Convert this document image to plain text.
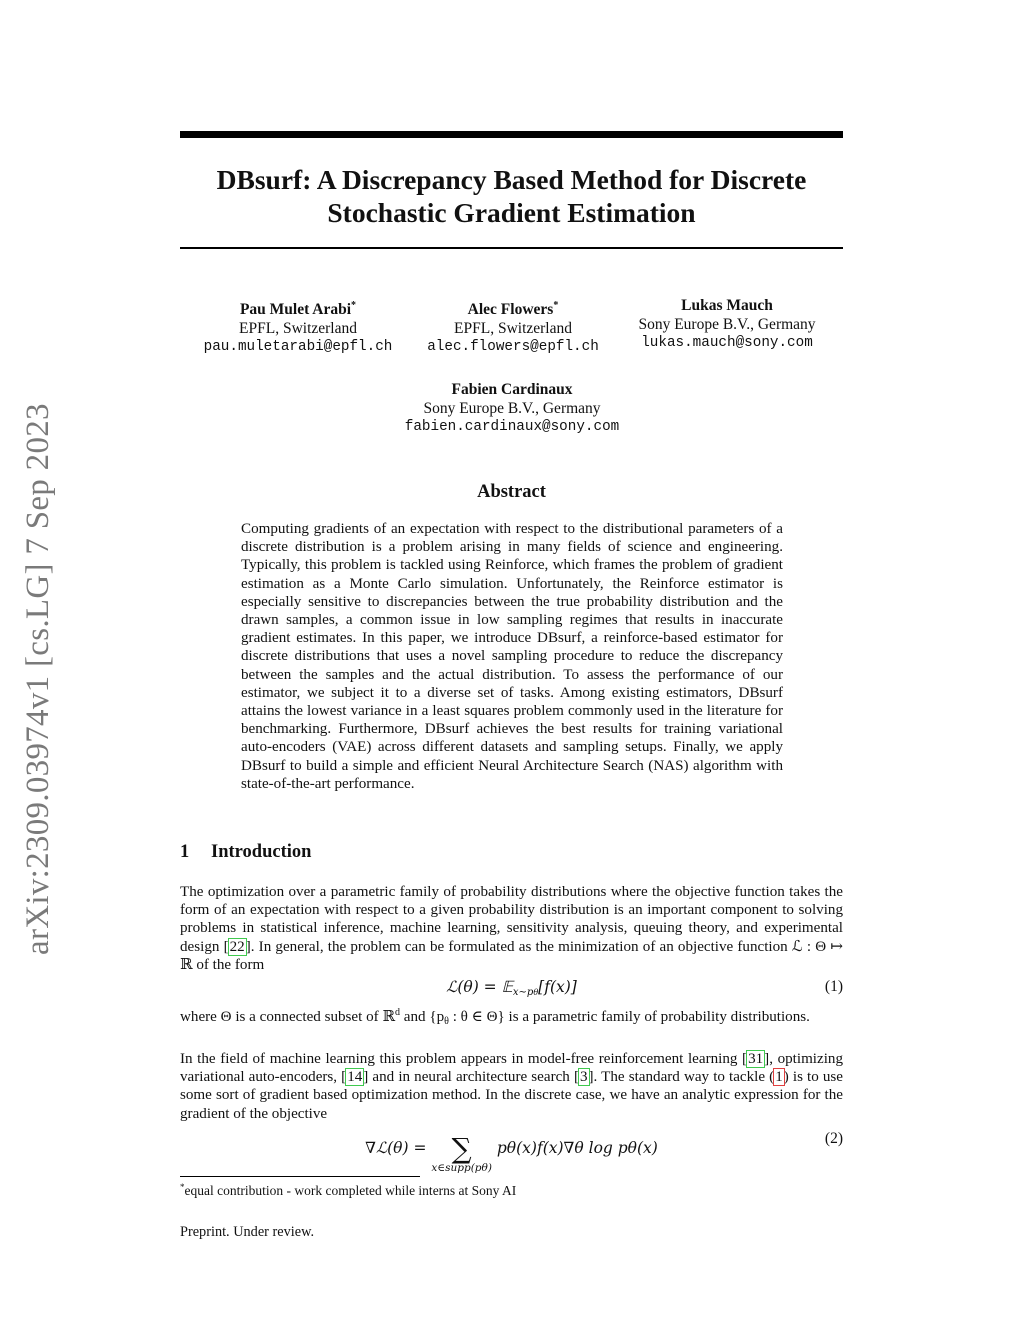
arXiv:2309.03974v1 [cs.LG] 7 Sep 2023
DBsurf: A Discrepancy Based Method for Discrete
Stochastic Gradient Estimation
Pau Mulet Arabi*
EPFL, Switzerland
pau.muletarabi@epfl.ch
Alec Flowers*
EPFL, Switzerland
alec.flowers@epfl.ch
Lukas Mauch
Sony Europe B.V., Germany
lukas.mauch@sony.com
Fabien Cardinaux
Sony Europe B.V., Germany
fabien.cardinaux@sony.com
Abstract

Computing gradients of an expectation with respect to the distributional parameters of a discrete distribution is a problem arising in many fields of science and engineering. Typically, this problem is tackled using Reinforce, which frames the problem of gradient estimation as a Monte Carlo simulation. Unfortunately, the Reinforce estimator is especially sensitive to discrepancies between the true probability distribution and the drawn samples, a common issue in low sampling regimes that results in inaccurate gradient estimates. In this paper, we introduce DBsurf, a reinforce-based estimator for discrete distributions that uses a novel sampling procedure to reduce the discrepancy between the samples and the actual distribution. To assess the performance of our estimator, we subject it to a diverse set of tasks. Among existing estimators, DBsurf attains the lowest variance in a least squares problem commonly used in the literature for benchmarking. Furthermore, DBsurf achieves the best results for training variational auto-encoders (VAE) across different datasets and sampling setups. Finally, we apply DBsurf to build a simple and efficient Neural Architecture Search (NAS) algorithm with state-of-the-art performance.

1 Introduction

The optimization over a parametric family of probability distributions where the objective function takes the form of an expectation with respect to a given probability distribution is an important component to solving problems in statistical inference, machine learning, sensitivity analysis, queuing theory, and experimental design [22]. In general, the problem can be formulated as the minimization of an objective function ℒ : Θ ↦ ℝ of the form

ℒ(θ) = 𝔼$_{x\sim p\theta}$[f(x)]	(1)

where Θ is a connected subset of ℝ$^d$ and {$p_\theta$ : θ ∈ Θ} is a parametric family of probability distributions.

In the field of machine learning this problem appears in model-free reinforcement learning [31], optimizing variational auto-encoders, [14] and in neural architecture search [3]. The standard way to tackle (1) is to use some sort of gradient based optimization method. In the discrete case, we have an analytic expression for the gradient of the objective

∇ℒ(θ) = ∑
x∈supp(pθ)
pθ(x)f(x)∇θ log pθ(x)
(2)
*equal contribution - work completed while interns at Sony AI
Preprint. Under review.
